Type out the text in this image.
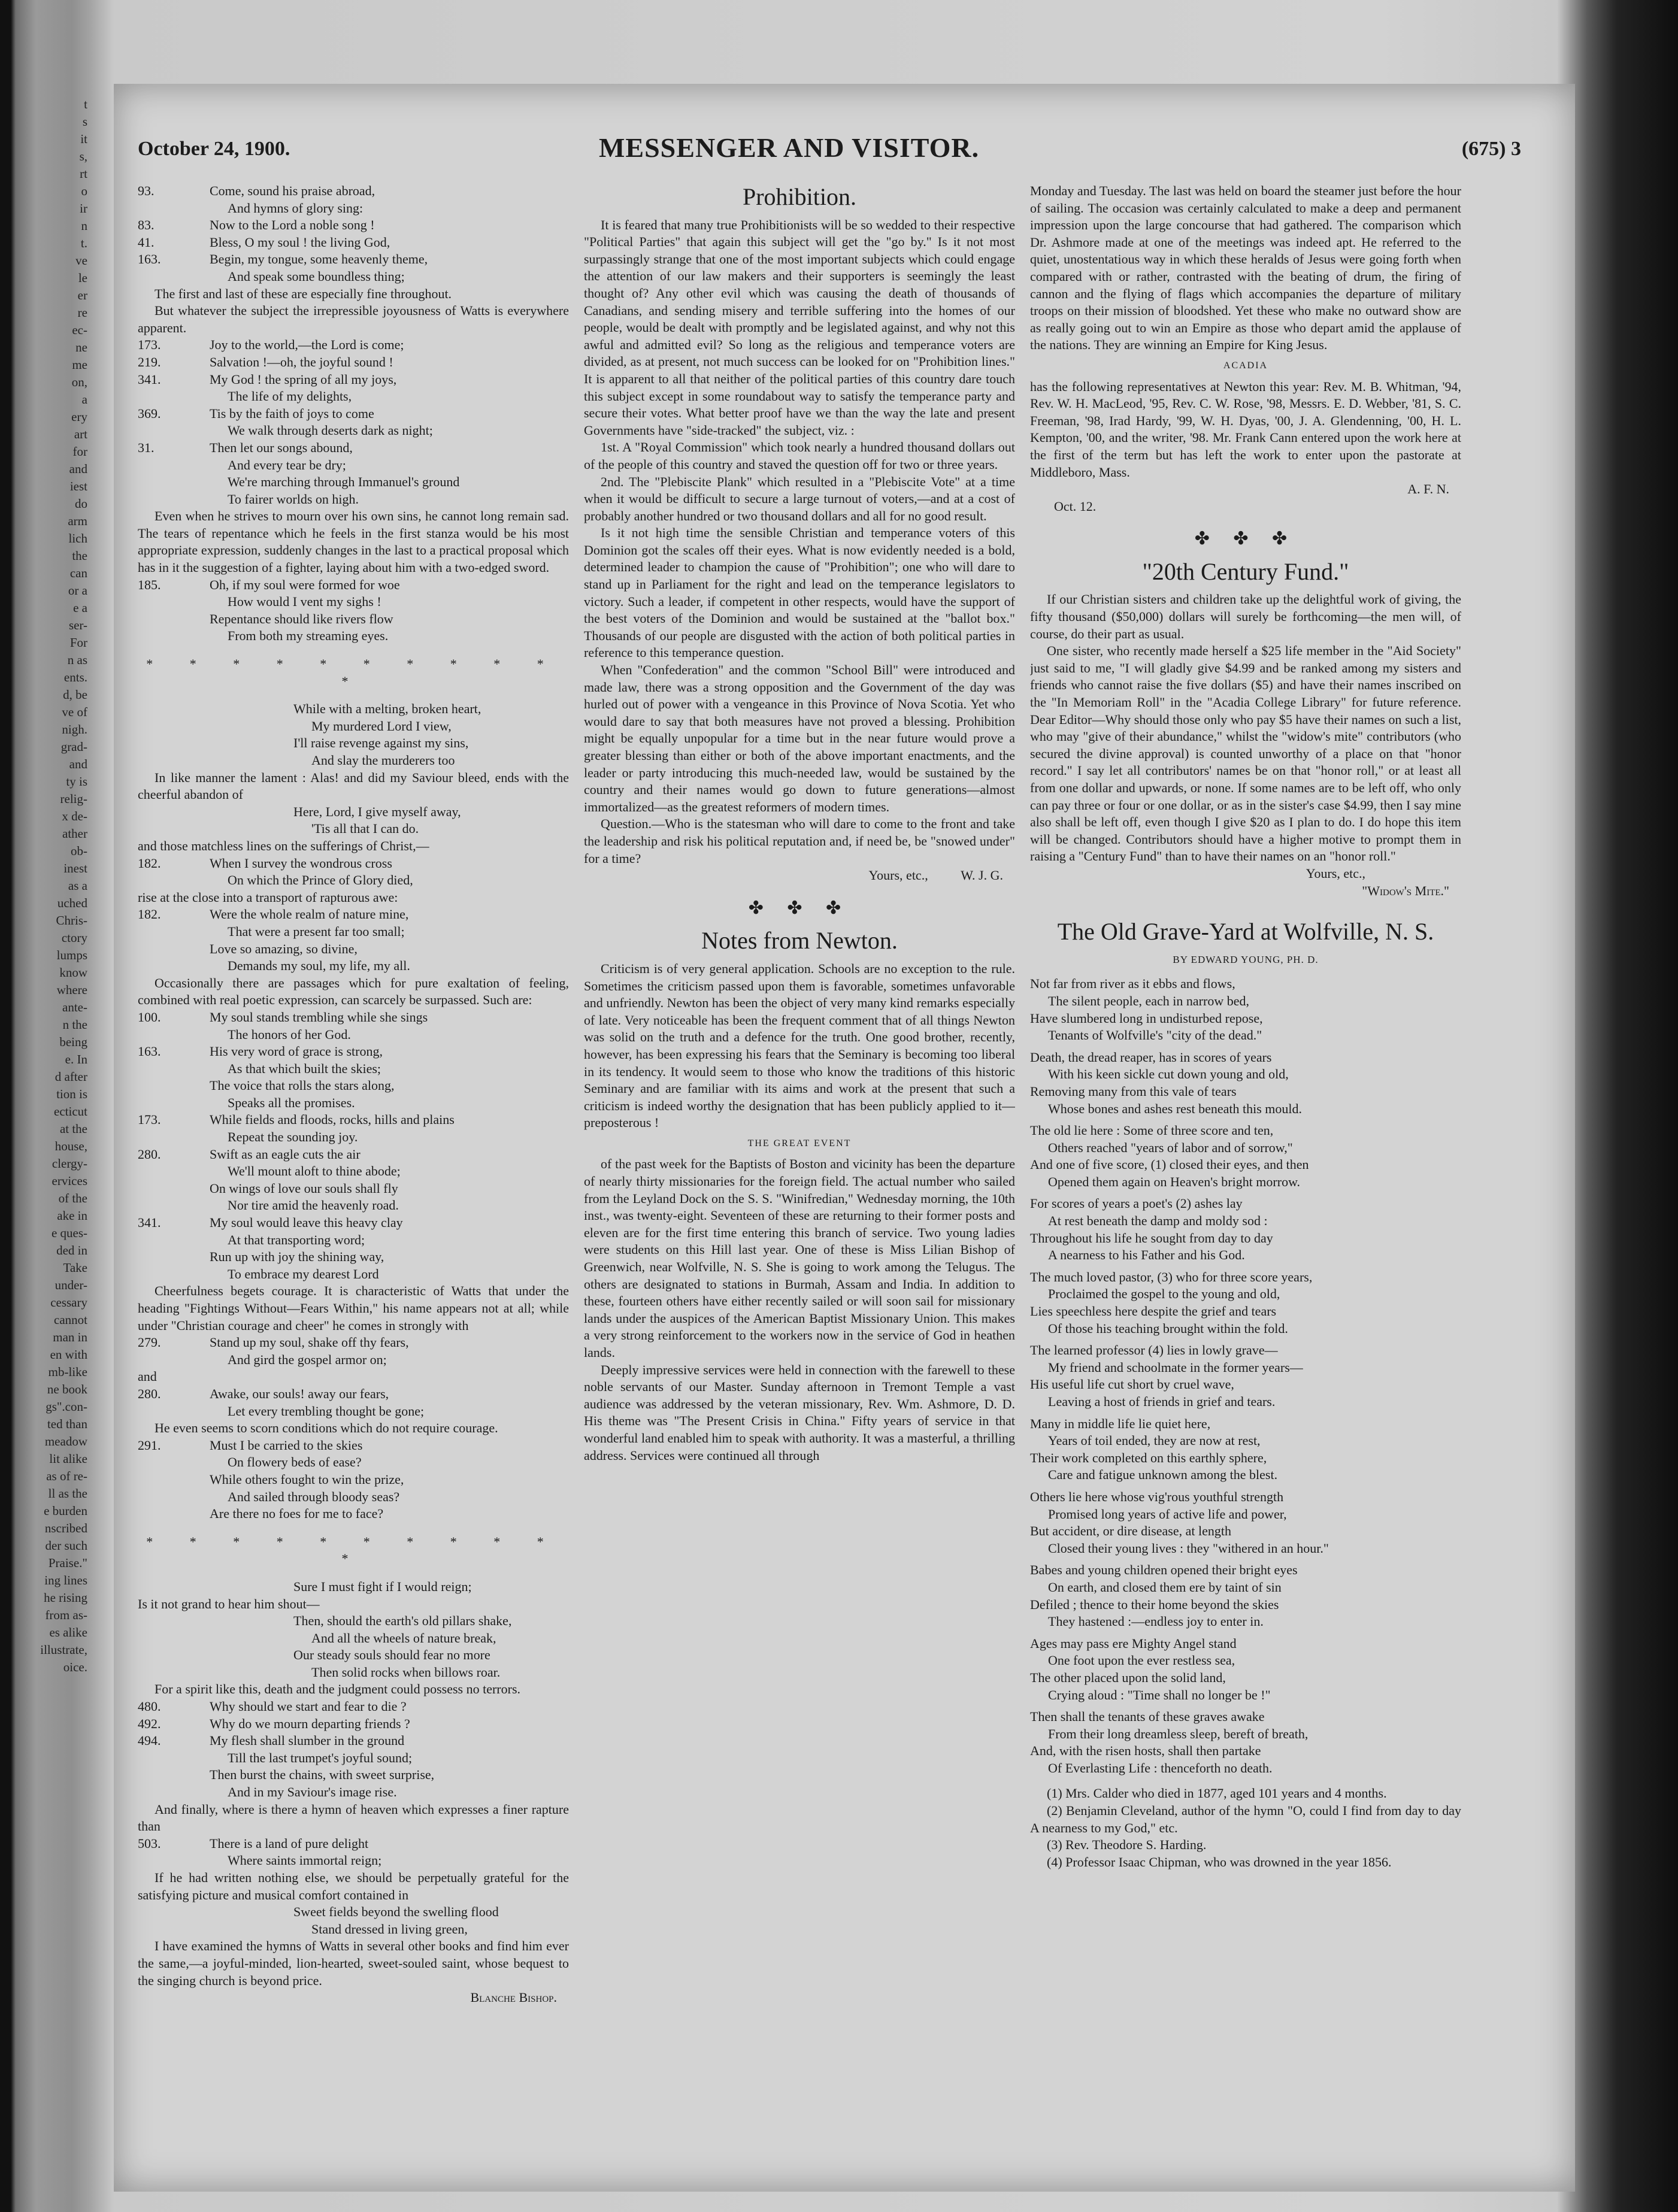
t
s
it
s,
rt
o
ir
n
t.
ve
le
er
re
ec-
ne
me
on,
a
ery
art
for
and
iest
do
arm
lich
the
can
or a
e a
ser-
For
n as
ents.
d, be
ve of
nigh.
grad-
and
ty is
relig-
x de-
ather
ob-
inest
as a
uched
Chris-
ctory
lumps
know
where
ante-
n the
being
e. In
d after
tion is
ecticut
at the
house,
clergy-
ervices
of the
ake in
e ques-
ded in
Take
under-
cessary
cannot
man in
en with
mb-like
ne book
gs".con-
ted than
meadow
lit alike
as of re-
ll as the
e burden
nscribed
der such
Praise."
ing lines
he rising
from as-
es alike
illustrate,
oice.
October 24, 1900.	MESSENGER AND VISITOR.	(675) 3
93.	Come, sound his praise abroad,
And hymns of glory sing:
83.	Now to the Lord a noble song !
41.	Bless, O my soul ! the living God,
163.	Begin, my tongue, some heavenly theme,
And speak some boundless thing;

The first and last of these are especially fine throughout.

But whatever the subject the irrepressible joyousness of Watts is everywhere apparent.

173.	Joy to the world,—the Lord is come;
219.	Salvation !—oh, the joyful sound !
341.	My God ! the spring of all my joys,
The life of my delights,
369.	Tis by the faith of joys to come
We walk through deserts dark as night;
31.	Then let our songs abound,
And every tear be dry;
We're marching through Immanuel's ground
To fairer worlds on high.

Even when he strives to mourn over his own sins, he cannot long remain sad. The tears of repentance which he feels in the first stanza would be his most appropriate expression, suddenly changes in the last to a practical proposal which has in it the suggestion of a fighter, laying about him with a two-edged sword.

185.	Oh, if my soul were formed for woe
How would I vent my sighs !
Repentance should like rivers flow
From both my streaming eyes.
* * * * * * * * * * *
While with a melting, broken heart,
My murdered Lord I view,
I'll raise revenge against my sins,
And slay the murderers too

In like manner the lament : Alas! and did my Saviour bleed, ends with the cheerful abandon of

Here, Lord, I give myself away,
'Tis all that I can do.

and those matchless lines on the sufferings of Christ,—

182.	When I survey the wondrous cross
On which the Prince of Glory died,

rise at the close into a transport of rapturous awe:

182.	Were the whole realm of nature mine,
That were a present far too small;
Love so amazing, so divine,
Demands my soul, my life, my all.

Occasionally there are passages which for pure exaltation of feeling, combined with real poetic expression, can scarcely be surpassed. Such are:

100.	My soul stands trembling while she sings
The honors of her God.
163.	His very word of grace is strong,
As that which built the skies;
The voice that rolls the stars along,
Speaks all the promises.
173.	While fields and floods, rocks, hills and plains
Repeat the sounding joy.
280.	Swift as an eagle cuts the air
We'll mount aloft to thine abode;
On wings of love our souls shall fly
Nor tire amid the heavenly road.
341.	My soul would leave this heavy clay
At that transporting word;
Run up with joy the shining way,
To embrace my dearest Lord

Cheerfulness begets courage. It is characteristic of Watts that under the heading "Fightings Without—Fears Within," his name appears not at all; while under "Christian courage and cheer" he comes in strongly with

279.	Stand up my soul, shake off thy fears,
And gird the gospel armor on;

and

280.	Awake, our souls! away our fears,
Let every trembling thought be gone;

He even seems to scorn conditions which do not require courage.

291.	Must I be carried to the skies
On flowery beds of ease?
While others fought to win the prize,
And sailed through bloody seas?
Are there no foes for me to face?
* * * * * * * * * * *
Sure I must fight if I would reign;

Is it not grand to hear him shout—

Then, should the earth's old pillars shake,
And all the wheels of nature break,
Our steady souls should fear no more
Then solid rocks when billows roar.

For a spirit like this, death and the judgment could possess no terrors.

480.	Why should we start and fear to die ?
492.	Why do we mourn departing friends ?
494.	My flesh shall slumber in the ground
Till the last trumpet's joyful sound;
Then burst the chains, with sweet surprise,
And in my Saviour's image rise.

And finally, where is there a hymn of heaven which expresses a finer rapture than

503.	There is a land of pure delight
Where saints immortal reign;

If he had written nothing else, we should be perpetually grateful for the satisfying picture and musical comfort contained in

Sweet fields beyond the swelling flood
Stand dressed in living green,

I have examined the hymns of Watts in several other books and find him ever the same,—a joyful-minded, lion-hearted, sweet-souled saint, whose bequest to the singing church is beyond price.

Blanche Bishop.
Prohibition.

It is feared that many true Prohibitionists will be so wedded to their respective "Political Parties" that again this subject will get the "go by." Is it not most surpassingly strange that one of the most important subjects which could engage the attention of our law makers and their supporters is seemingly the least thought of? Any other evil which was causing the death of thousands of Canadians, and sending misery and terrible suffering into the homes of our people, would be dealt with promptly and be legislated against, and why not this awful and admitted evil? So long as the religious and temperance voters are divided, as at present, not much success can be looked for on "Prohibition lines." It is apparent to all that neither of the political parties of this country dare touch this subject except in some roundabout way to satisfy the temperance party and secure their votes. What better proof have we than the way the late and present Governments have "side-tracked" the subject, viz. :

1st. A "Royal Commission" which took nearly a hundred thousand dollars out of the people of this country and staved the question off for two or three years.

2nd. The "Plebiscite Plank" which resulted in a "Plebiscite Vote" at a time when it would be difficult to secure a large turnout of voters,—and at a cost of probably another hundred or two thousand dollars and all for no good result.

Is it not high time the sensible Christian and temperance voters of this Dominion got the scales off their eyes. What is now evidently needed is a bold, determined leader to champion the cause of "Prohibition"; one who will dare to stand up in Parliament for the right and lead on the temperance legislators to victory. Such a leader, if competent in other respects, would have the support of the best voters of the Dominion and would be sustained at the "ballot box." Thousands of our people are disgusted with the action of both political parties in reference to this temperance question.

When "Confederation" and the common "School Bill" were introduced and made law, there was a strong opposition and the Government of the day was hurled out of power with a vengeance in this Province of Nova Scotia. Yet who would dare to say that both measures have not proved a blessing. Prohibition might be equally unpopular for a time but in the near future would prove a greater blessing than either or both of the above important enactments, and the leader or party introducing this much-needed law, would be sustained by the country and their names would go down to future generations—almost immortalized—as the greatest reformers of modern times.

Question.—Who is the statesman who will dare to come to the front and take the leadership and risk his political reputation and, if need be, be "snowed under" for a time?

Yours, etc.,          W. J. G.
✤ ✤ ✤
Notes from Newton.

Criticism is of very general application. Schools are no exception to the rule. Sometimes the criticism passed upon them is favorable, sometimes unfavorable and unfriendly. Newton has been the object of very many kind remarks especially of late. Very noticeable has been the frequent comment that of all things Newton was solid on the truth and a defence for the truth. One good brother, recently, however, has been expressing his fears that the Seminary is becoming too liberal in its tendency. It would seem to those who know the traditions of this historic Seminary and are familiar with its aims and work at the present that such a criticism is indeed worthy the designation that has been publicly applied to it—preposterous !

THE GREAT EVENT

of the past week for the Baptists of Boston and vicinity has been the departure of nearly thirty missionaries for the foreign field. The actual number who sailed from the Leyland Dock on the S. S. "Winifredian," Wednesday morning, the 10th inst., was twenty-eight. Seventeen of these are returning to their former posts and eleven are for the first time entering this branch of service. Two young ladies were students on this Hill last year. One of these is Miss Lilian Bishop of Greenwich, near Wolfville, N. S. She is going to work among the Telugus. The others are designated to stations in Burmah, Assam and India. In addition to these, fourteen others have either recently sailed or will soon sail for missionary lands under the auspices of the American Baptist Missionary Union. This makes a very strong reinforcement to the workers now in the service of God in heathen lands.

Deeply impressive services were held in connection with the farewell to these noble servants of our Master. Sunday afternoon in Tremont Temple a vast audience was addressed by the veteran missionary, Rev. Wm. Ashmore, D. D. His theme was "The Present Crisis in China." Fifty years of service in that wonderful land enabled him to speak with authority. It was a masterful, a thrilling address. Services were continued all through

Monday and Tuesday. The last was held on board the steamer just before the hour of sailing. The occasion was certainly calculated to make a deep and permanent impression upon the large concourse that had gathered. The comparison which Dr. Ashmore made at one of the meetings was indeed apt. He referred to the quiet, unostentatious way in which these heralds of Jesus were going forth when compared with or rather, contrasted with the beating of drum, the firing of cannon and the flying of flags which accompanies the departure of military troops on their mission of bloodshed. Yet these who make no outward show are as really going out to win an Empire as those who depart amid the applause of the nations. They are winning an Empire for King Jesus.

ACADIA

has the following representatives at Newton this year: Rev. M. B. Whitman, '94, Rev. W. H. MacLeod, '95, Rev. C. W. Rose, '98, Messrs. E. D. Webber, '81, S. C. Freeman, '98, Irad Hardy, '99, W. H. Dyas, '00, J. A. Glendenning, '00, H. L. Kempton, '00, and the writer, '98. Mr. Frank Cann entered upon the work here at the first of the term but has left the work to enter upon the pastorate at Middleboro, Mass.

A. F. N.

Oct. 12.

✤ ✤ ✤
"20th Century Fund."

If our Christian sisters and children take up the delightful work of giving, the fifty thousand ($50,000) dollars will surely be forthcoming—the men will, of course, do their part as usual.

One sister, who recently made herself a $25 life member in the "Aid Society" just said to me, "I will gladly give $4.99 and be ranked among my sisters and friends who cannot raise the five dollars ($5) and have their names inscribed on the "In Memoriam Roll" in the "Acadia College Library" for future reference. Dear Editor—Why should those only who pay $5 have their names on such a list, who may "give of their abundance," whilst the "widow's mite" contributors (who secured the divine approval) is counted unworthy of a place on that "honor record." I say let all contributors' names be on that "honor roll," or at least all from one dollar and upwards, or none. If some names are to be left off, who only can pay three or four or one dollar, or as in the sister's case $4.99, then I say mine also shall be left off, even though I give $20 as I plan to do. I do hope this item will be changed. Contributors should have a higher motive to prompt them in raising a "Century Fund" than to have their names on an "honor roll."

Yours, etc.,
"Widow's Mite."
The Old Grave-Yard at Wolfville, N. S.
BY EDWARD YOUNG, PH. D.
Not far from river as it ebbs and flows,
The silent people, each in narrow bed,
Have slumbered long in undisturbed repose,
Tenants of Wolfville's "city of the dead."
Death, the dread reaper, has in scores of years
With his keen sickle cut down young and old,
Removing many from this vale of tears
Whose bones and ashes rest beneath this mould.
The old lie here : Some of three score and ten,
Others reached "years of labor and of sorrow,"
And one of five score, (1) closed their eyes, and then
Opened them again on Heaven's bright morrow.
For scores of years a poet's (2) ashes lay
At rest beneath the damp and moldy sod :
Throughout his life he sought from day to day
A nearness to his Father and his God.
The much loved pastor, (3) who for three score years,
Proclaimed the gospel to the young and old,
Lies speechless here despite the grief and tears
Of those his teaching brought within the fold.
The learned professor (4) lies in lowly grave—
My friend and schoolmate in the former years—
His useful life cut short by cruel wave,
Leaving a host of friends in grief and tears.
Many in middle life lie quiet here,
Years of toil ended, they are now at rest,
Their work completed on this earthly sphere,
Care and fatigue unknown among the blest.
Others lie here whose vig'rous youthful strength
Promised long years of active life and power,
But accident, or dire disease, at length
Closed their young lives : they "withered in an hour."
Babes and young children opened their bright eyes
On earth, and closed them ere by taint of sin
Defiled ; thence to their home beyond the skies
They hastened :—endless joy to enter in.
Ages may pass ere Mighty Angel stand
One foot upon the ever restless sea,
The other placed upon the solid land,
Crying aloud : "Time shall no longer be !"
Then shall the tenants of these graves awake
From their long dreamless sleep, bereft of breath,
And, with the risen hosts, shall then partake
Of Everlasting Life : thenceforth no death.

(1) Mrs. Calder who died in 1877, aged 101 years and 4 months.

(2) Benjamin Cleveland, author of the hymn "O, could I find from day to day A nearness to my God," etc.

(3) Rev. Theodore S. Harding.

(4) Professor Isaac Chipman, who was drowned in the year 1856.
